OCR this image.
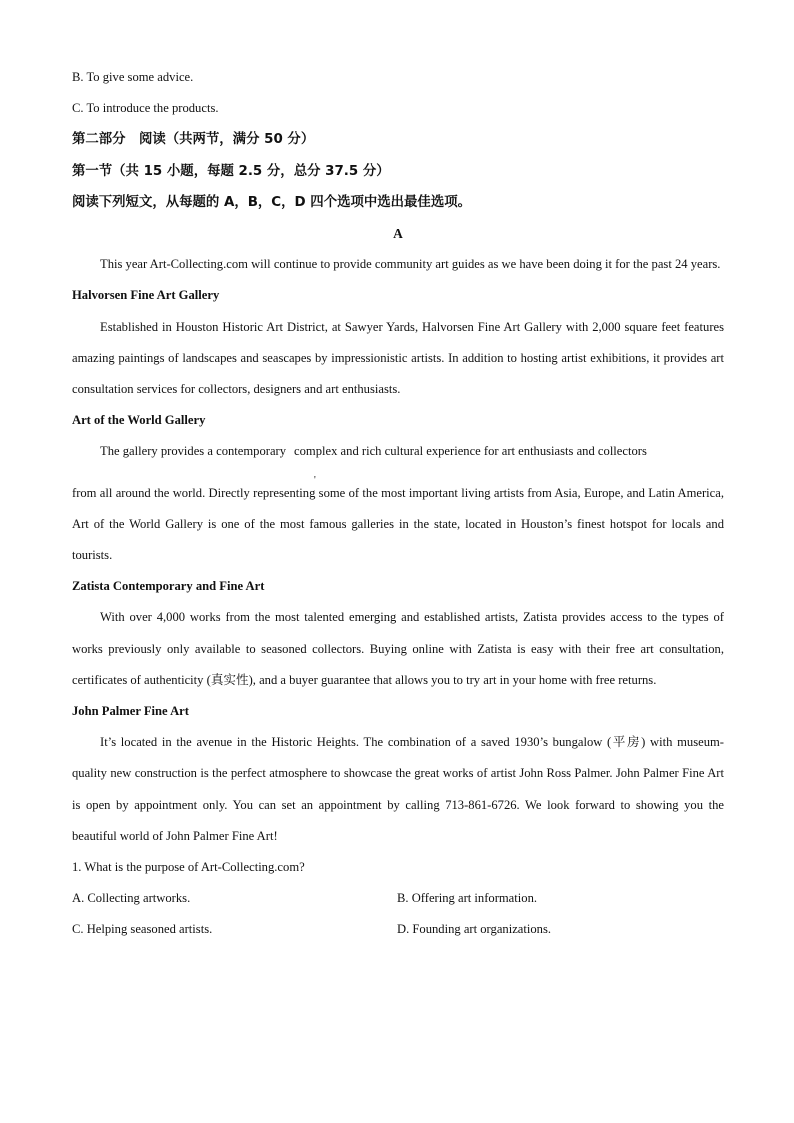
B. To give some advice.

C. To introduce the products.

第二部分　阅读（共两节，满分 50 分）

第一节（共 15 小题，每题 2.5 分，总分 37.5 分）

阅读下列短文，从每题的 A，B，C，D 四个选项中选出最佳选项。

A

This year Art-Collecting.com will continue to provide community art guides as we have been doing it for the past 24 years.

Halvorsen Fine Art Gallery

Established in Houston Historic Art District, at Sawyer Yards, Halvorsen Fine Art Gallery with 2,000 square feet features amazing paintings of landscapes and seascapes by impressionistic artists. In addition to hosting artist exhibitions, it provides art consultation services for collectors, designers and art enthusiasts.

Art of the World Gallery

The gallery provides a contemporary complex and rich cultural experience for art enthusiasts and collectors

from all around the world. Directly representing some of the most important living artists from Asia, Europe, and Latin America, Art of the World Gallery is one of the most famous galleries in the state, located in Houston’s finest hotspot for locals and tourists.

Zatista Contemporary and Fine Art

With over 4,000 works from the most talented emerging and established artists, Zatista provides access to the types of works previously only available to seasoned collectors. Buying online with Zatista is easy with their free art consultation, certificates of authenticity (真实性), and a buyer guarantee that allows you to try art in your home with free returns.

John Palmer Fine Art

It’s located in the avenue in the Historic Heights. The combination of a saved 1930’s bungalow (平房) with museum-quality new construction is the perfect atmosphere to showcase the great works of artist John Ross Palmer. John Palmer Fine Art is open by appointment only. You can set an appointment by calling 713-861-6726. We look forward to showing you the beautiful world of John Palmer Fine Art!

1. What is the purpose of Art-Collecting.com?

A. Collecting artworks.	B. Offering art information.
C. Helping seasoned artists.	D. Founding art organizations.
